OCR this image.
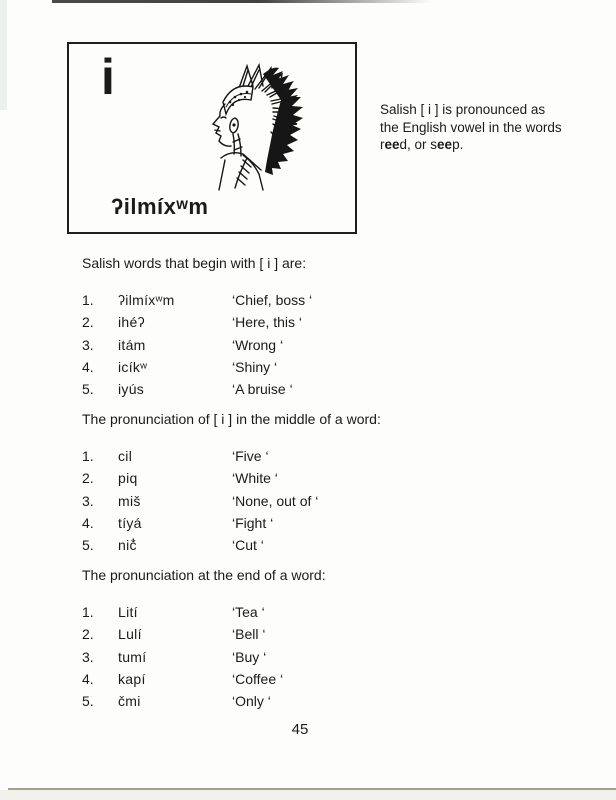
i
ʔilmíxʷm
Salish [ i ] is pronounced as
the English vowel in the words
reed, or seep.
Salish words that begin with [ i ] are:
1.	ʔilmíxʷm	‘Chief, boss ‘
2.	ihéʔ	‘Here, this ‘
3.	itám	‘Wrong ‘
4.	icíkʷ	‘Shiny ‘
5.	iyús	‘A bruise ‘
The pronunciation of [ i ] in the middle of a word:
1.	cil	‘Five ‘
2.	piq	‘White ‘
3.	miš	‘None, out of ‘
4.	tíyá	‘Fight ‘
5.	nič̓	‘Cut ‘
The pronunciation at the end of a word:
1.	Lití	‘Tea ‘
2.	Lulí	‘Bell ‘
3.	tumí	‘Buy ‘
4.	kapí	‘Coffee ‘
5.	čmi	‘Only ‘
45
